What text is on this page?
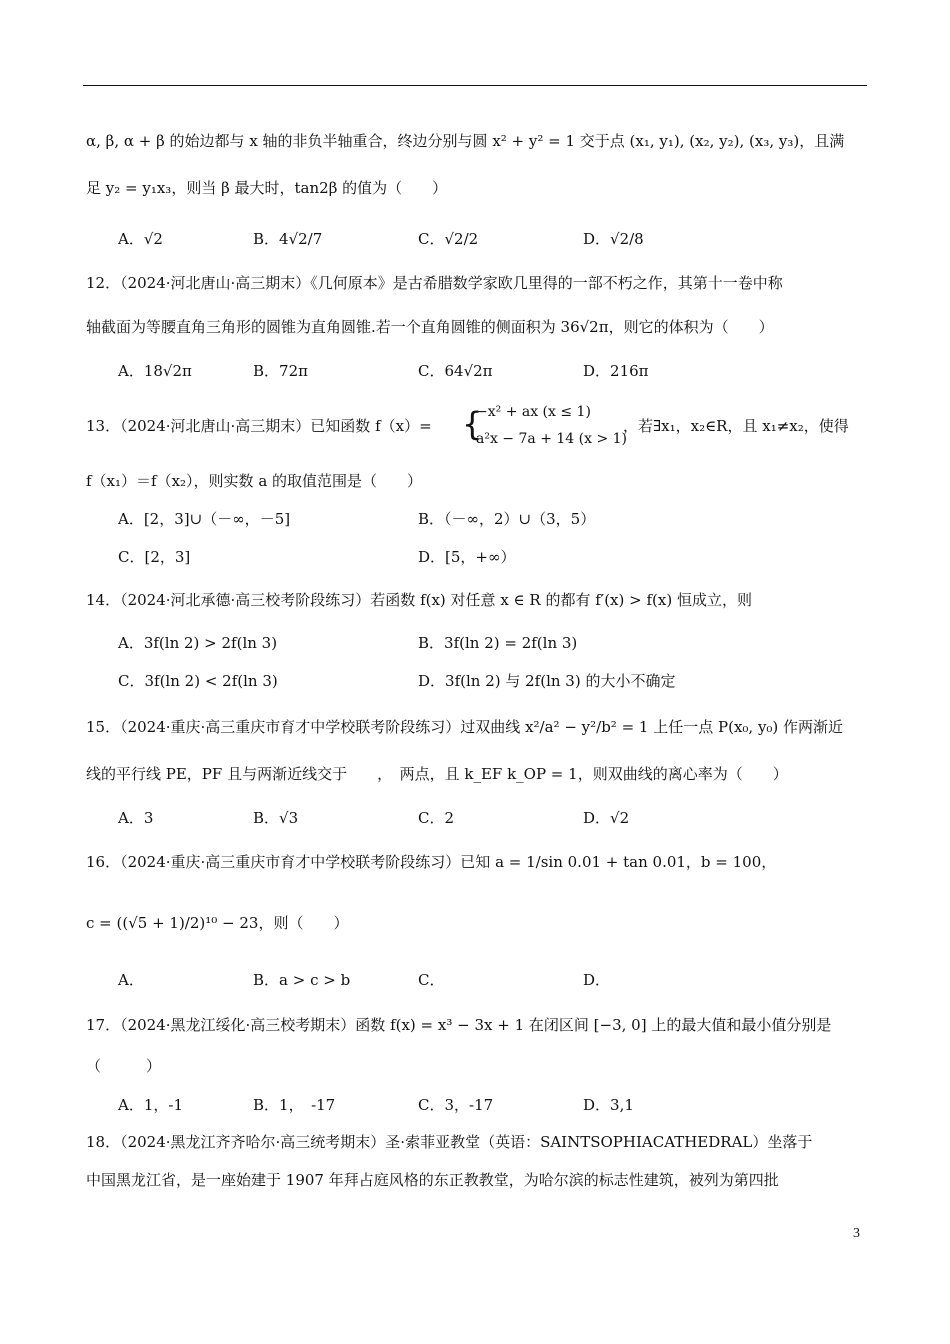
α, β, α + β 的始边都与 x 轴的非负半轴重合，终边分别与圆 x² + y² = 1 交于点 (x₁, y₁), (x₂, y₂), (x₃, y₃)，且满
足 y₂ = y₁x₃，则当 β 最大时，tan2β 的值为（　　）
A．√2	B．4√2/7	C．√2/2	D．√2/8
12．（2024·河北唐山·高三期末）《几何原本》是古希腊数学家欧几里得的一部不朽之作，其第十一卷中称
轴截面为等腰直角三角形的圆锥为直角圆锥.若一个直角圆锥的侧面积为 36√2π，则它的体积为（　　）
A．18√2π	B．72π	C．64√2π	D．216π
13．（2024·河北唐山·高三期末）已知函数 f（x）= {
−x² + ax (x ≤ 1)
a²x − 7a + 14 (x > 1)
，若∃x₁，x₂∈R，且 x₁≠x₂，使得
f（x₁）＝f（x₂），则实数 a 的取值范围是（　　）
A．[2，3]∪（－∞，－5]	B．（－∞，2）∪（3，5）
C．[2，3]	D．[5，+∞）
14．（2024·河北承德·高三校考阶段练习）若函数 f(x) 对任意 x ∈ R 的都有 f′(x) > f(x) 恒成立，则
A．3f(ln 2) > 2f(ln 3)	B．3f(ln 2) = 2f(ln 3)
C．3f(ln 2) < 2f(ln 3)	D．3f(ln 2) 与 2f(ln 3) 的大小不确定
15．（2024·重庆·高三重庆市育才中学校联考阶段练习）过双曲线 x²/a² − y²/b² = 1 上任一点 P(x₀, y₀) 作两渐近
线的平行线 PE，PF 且与两渐近线交于　　，　两点，且 k_EF k_OP = 1，则双曲线的离心率为（　　）
A．3	B．√3	C．2	D．√2
16．（2024·重庆·高三重庆市育才中学校联考阶段练习）已知 a = 1/sin 0.01 + tan 0.01，b = 100，
c = ((√5 + 1)/2)¹⁰ − 23，则（　　）
A．	B．a > c > b	C．	D．
17．（2024·黑龙江绥化·高三校考期末）函数 f(x) = x³ − 3x + 1 在闭区间 [−3, 0] 上的最大值和最小值分别是
（　　　）
A．1，-1	B．1，　-17	C．3，-17	D．3,1
18．（2024·黑龙江齐齐哈尔·高三统考期末）圣·索菲亚教堂（英语：SAINTSOPHIACATHEDRAL）坐落于
中国黑龙江省，是一座始建于 1907 年拜占庭风格的东正教教堂，为哈尔滨的标志性建筑，被列为第四批
3
